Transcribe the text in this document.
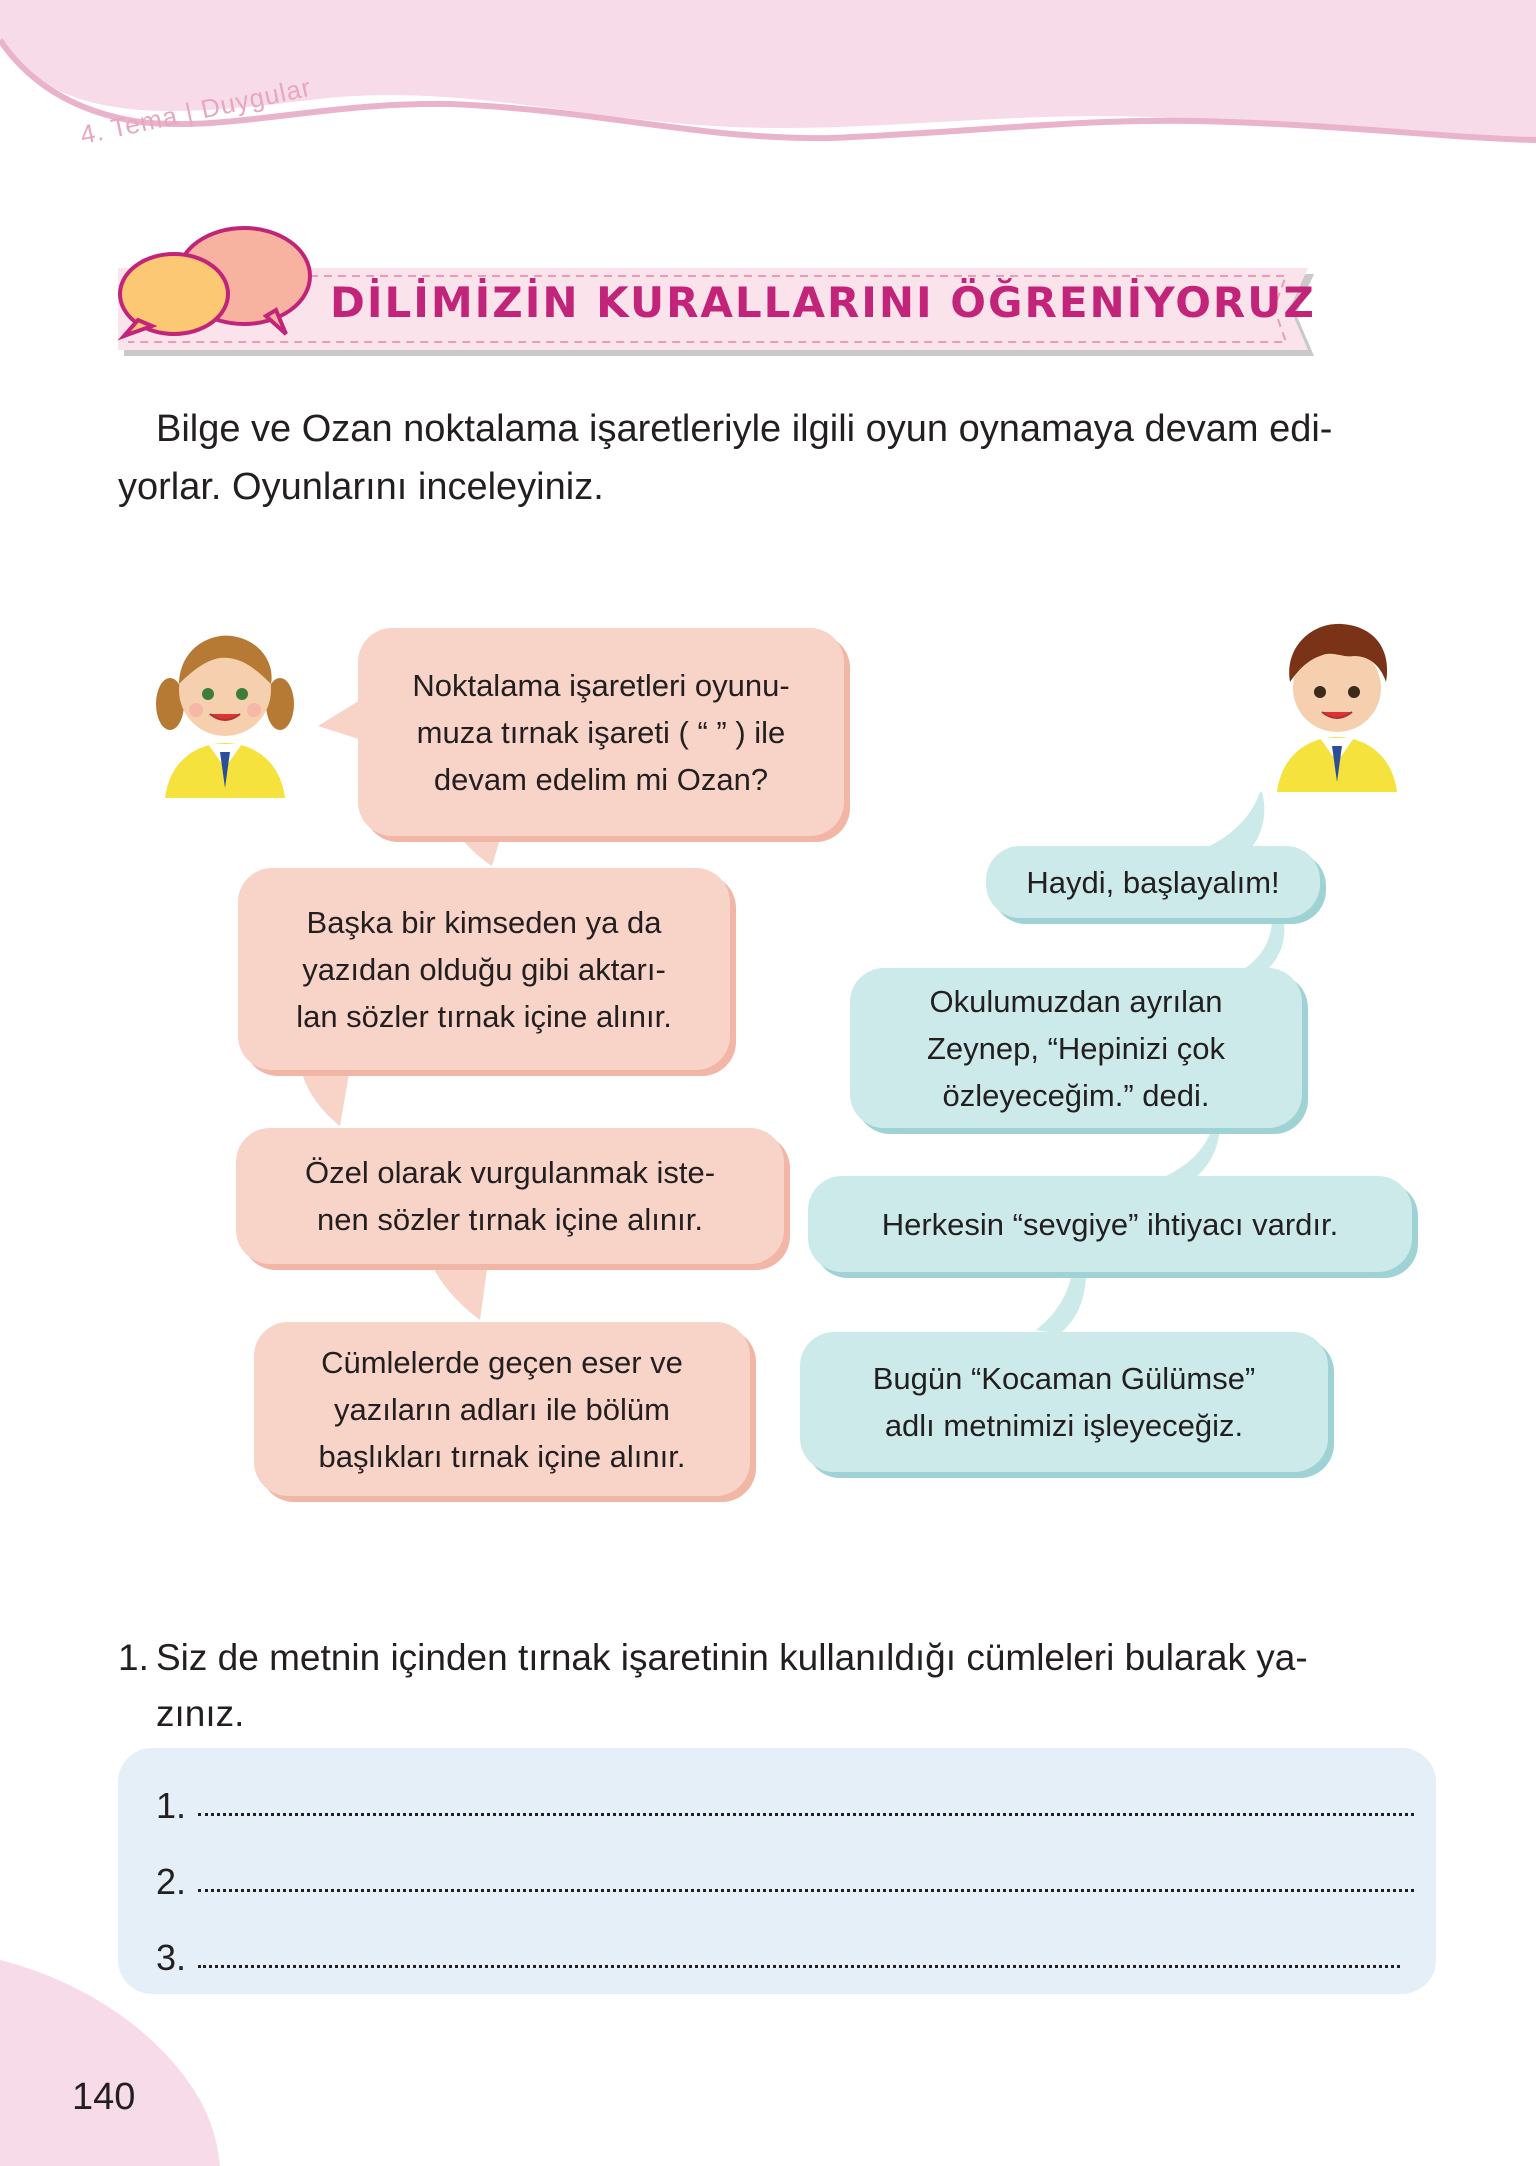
4. Tema | Duygular
DİLİMİZİN KURALLARINI ÖĞRENİYORUZ
Bilge ve Ozan noktalama işaretleriyle ilgili oyun oynamaya devam edi-
yorlar. Oyunlarını inceleyiniz.
Noktalama işaretleri oyunu-
muza tırnak işareti ( “ ” ) ile
devam edelim mi Ozan?
Başka bir kimseden ya da
yazıdan olduğu gibi aktarı-
lan sözler tırnak içine alınır.
Özel olarak vurgulanmak iste-
nen sözler tırnak içine alınır.
Cümlelerde geçen eser ve
yazıların adları ile bölüm
başlıkları tırnak içine alınır.
Haydi, başlayalım!
Okulumuzdan ayrılan
Zeynep, “Hepinizi çok
özleyeceğim.” dedi.
Herkesin “sevgiye” ihtiyacı vardır.
Bugün “Kocaman Gülümse”
adlı metnimizi işleyeceğiz.
1. Siz de metnin içinden tırnak işaretinin kullanıldığı cümleleri bularak ya-
zınız.
1.
2.
3.
140
